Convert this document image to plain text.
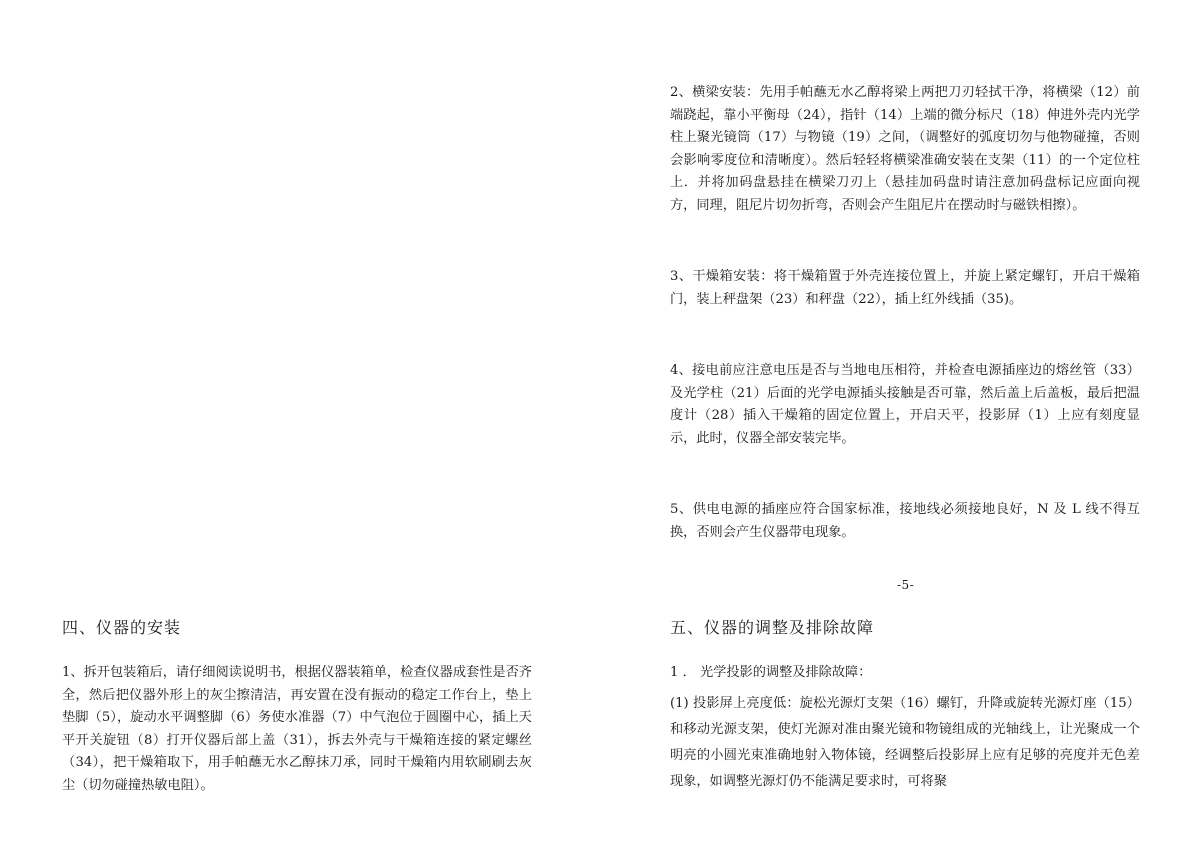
2、横梁安装：先用手帕蘸无水乙醇将梁上两把刀刃轻拭干净，将横梁（12）前端跷起，靠小平衡母（24），指针（14）上端的微分标尺（18）伸进外壳内光学柱上聚光镜筒（17）与物镜（19）之间，（调整好的弧度切勿与他物碰撞，否则会影响零度位和清晰度）。然后轻轻将横梁准确安装在支架（11）的一个定位柱上．并将加码盘悬挂在横梁刀刃上（悬挂加码盘时请注意加码盘标记应面向视方，同理，阻尼片切勿折弯，否则会产生阻尼片在摆动时与磁铁相擦）。

3、干燥箱安装：将干燥箱置于外壳连接位置上，并旋上紧定螺钉，开启干燥箱门，装上秤盘架（23）和秤盘（22），插上红外线插（35)。

4、接电前应注意电压是否与当地电压相符，并检查电源插座边的熔丝管（33）及光学柱（21）后面的光学电源插头接触是否可靠，然后盖上后盖板，最后把温度计（28）插入干燥箱的固定位置上，开启天平，投影屏（1）上应有刻度显示，此时，仪器全部安装完毕。

5、供电电源的插座应符合国家标准，接地线必须接地良好，N 及 L 线不得互换，否则会产生仪器带电现象。

-5-
四、仪器的安装

1、拆开包装箱后，请仔细阅读说明书，根据仪器装箱单，检查仪器成套性是否齐全，然后把仪器外形上的灰尘擦清洁，再安置在没有振动的稳定工作台上，垫上垫脚（5），旋动水平调整脚（6）务使水准器（7）中气泡位于圆圈中心，插上天平开关旋钮（8）打开仪器后部上盖（31），拆去外壳与干燥箱连接的紧定螺丝（34），把干燥箱取下，用手帕蘸无水乙醇抹刀承，同时干燥箱内用软刷刷去灰尘（切勿碰撞热敏电阻）。

五、仪器的调整及排除故障

1 ． 光学投影的调整及排除故障：

(1) 投影屏上亮度低：旋松光源灯支架（16）螺钉，升降或旋转光源灯座（15）和移动光源支架，使灯光源对准由聚光镜和物镜组成的光轴线上，让光聚成一个明亮的小圆光束准确地射入物体镜，经调整后投影屏上应有足够的亮度并无色差现象，如调整光源灯仍不能满足要求时，可将聚
